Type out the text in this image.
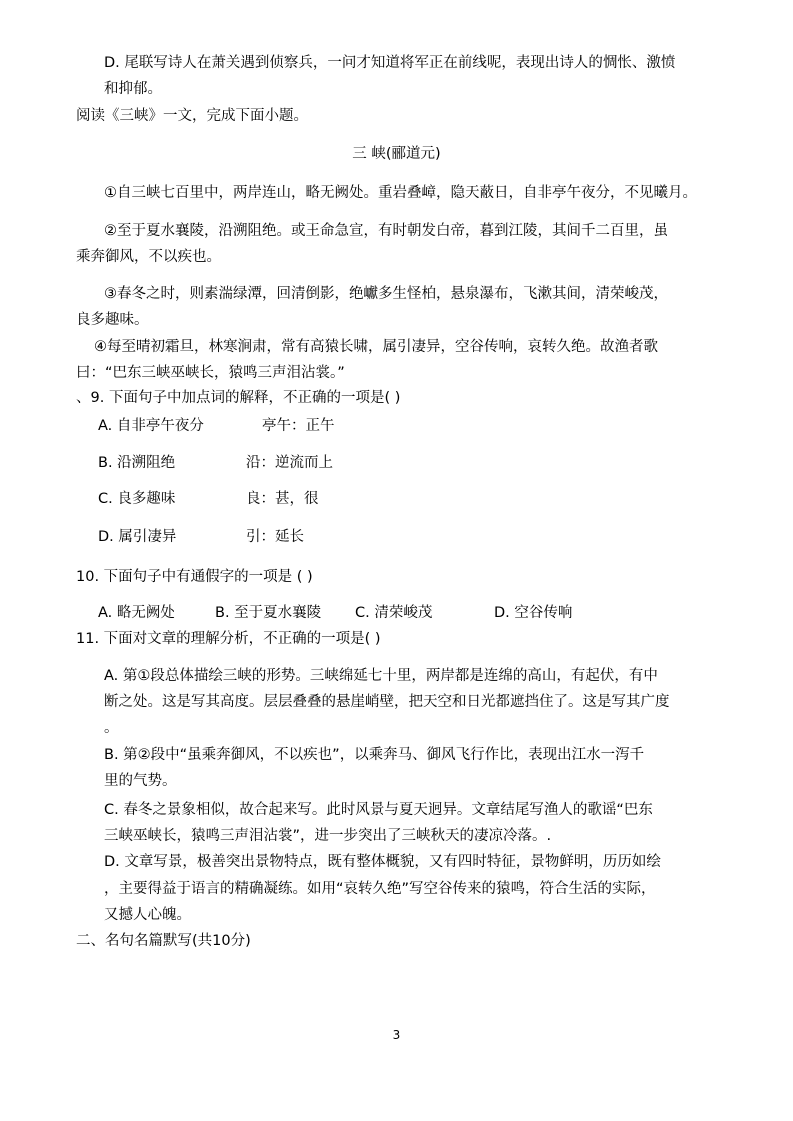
D. 尾联写诗人在萧关遇到侦察兵，一问才知道将军正在前线呢，表现出诗人的惆怅、激愤
和抑郁。
阅读《三峡》一文，完成下面小题。
三 峡(郦道元)
①自三峡七百里中，两岸连山，略无阙处。重岩叠嶂，隐天蔽日，自非亭午夜分，不见曦月。
②至于夏水襄陵，沿溯阻绝。或王命急宣，有时朝发白帝，暮到江陵，其间千二百里，虽
乘奔御风，不以疾也。
③春冬之时，则素湍绿潭，回清倒影，绝巘多生怪柏，悬泉瀑布，飞漱其间，清荣峻茂，
良多趣味。
④每至晴初霜旦，林寒涧肃，常有高猿长啸，属引凄异，空谷传响，哀转久绝。故渔者歌
曰：“巴东三峡巫峡长，猿鸣三声泪沾裳。”
、9. 下面句子中加点词的解释，不正确的一项是( )
A. 自非亭午夜分	亭午：正午
B. 沿溯阻绝	沿：逆流而上
C. 良多趣味	良：甚，很
D. 属引凄异	引：延长
10. 下面句子中有通假字的一项是 ( )
A. 略无阙处	B. 至于夏水襄陵 C. 清荣峻茂	D. 空谷传响
11. 下面对文章的理解分析，不正确的一项是( )
A. 第①段总体描绘三峡的形势。三峡绵延七十里，两岸都是连绵的高山，有起伏，有中
断之处。这是写其高度。层层叠叠的悬崖峭壁，把天空和日光都遮挡住了。这是写其广度
。
B. 第②段中“虽乘奔御风，不以疾也”，以乘奔马、御风飞行作比，表现出江水一泻千
里的气势。
C. 春冬之景象相似，故合起来写。此时风景与夏天迥异。文章结尾写渔人的歌谣“巴东
三峡巫峡长，猿鸣三声泪沾裳”，进一步突出了三峡秋天的凄凉冷落。.
D. 文章写景，极善突出景物特点，既有整体概貌，又有四时特征，景物鲜明，历历如绘
，主要得益于语言的精确凝练。如用“哀转久绝”写空谷传来的猿鸣，符合生活的实际，
又撼人心魄。
二、名句名篇默写(共10分)
3
